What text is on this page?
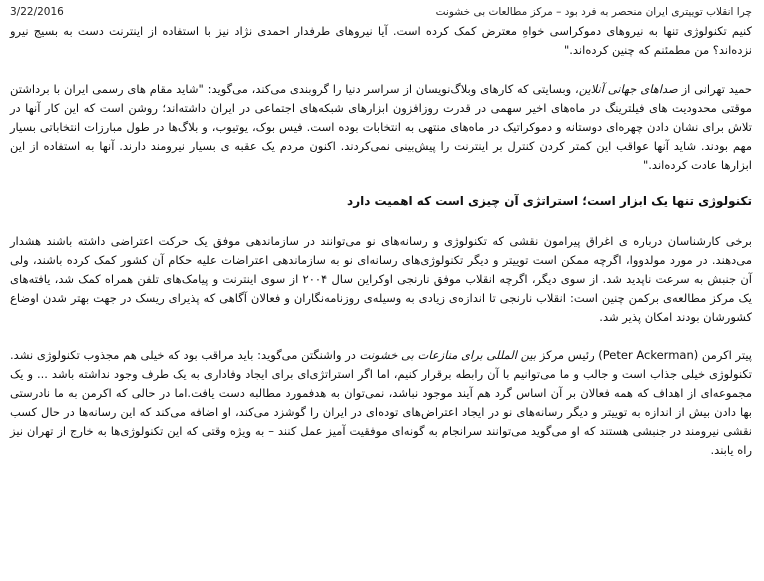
3/22/2016	چرا انقلاب توییتری ایران منحصر به فرد بود – مرکز مطالعات بی خشونت

کنیم تکنولوژی تنها به نیروهای دموکراسی خواهِ معترض کمک کرده است. آیا نیروهای طرفدار احمدی نژاد نیز با استفاده از اینترنت دست به بسیج نیرو نزده‌اند؟ من مطمئنم که چنین کرده‌اند."

حمید تهرانی از صداهای جهانی آنلاین، وبسایتی که کارهای وبلاگ‌نویسان از سراسر دنیا را گروبندی می‌کند، می‌گوید: "شاید مقام های رسمی ایران با برداشتن موقتی محدودیت های فیلترینگ در ماه‌های اخیر سهمی در قدرت روزافزون ابزارهای شبکه‌های اجتماعی در ایران داشته‌اند؛ روشن است که این کار آنها در تلاش برای نشان دادن چهره‌ای دوستانه و دموکراتیک در ماه‌های منتهی به انتخابات بوده است. فیس بوک، یوتیوب، و بلاگ‌ها در طول مبارزات انتخاباتی بسیار مهم بودند. شاید آنها عواقب این کمتر کردن کنترل بر اینترنت را پیش‌بینی نمی‌کردند. اکنون مردم یک عقبه ی بسیار نیرومند دارند. آنها به استفاده از این ابزارها عادت کرده‌اند."

تکنولوژی تنها یک ابزار است؛ استراتژی آن چیزی است که اهمیت دارد

برخی کارشناسان درباره ی اغراق پیرامون نقشی که تکنولوژی و رسانه‌های نو می‌توانند در سازماندهی موفق یک حرکت اعتراضی داشته باشند هشدار می‌دهند. در مورد مولدووا، اگرچه ممکن است توییتر و دیگر تکنولوژی‌های رسانه‌ای نو به سازماندهی اعتراضات علیه حکام آن کشور کمک کرده باشند، ولی آن جنبش به سرعت ناپدید شد. از سوی دیگر، اگرچه انقلاب موفق نارنجی اوکراین سال ۲۰۰۴ از سوی اینترنت و پیامک‌های تلفن همراه کمک شد، یافته‌های یک مرکز مطالعه‌ی برکمن چنین است: انقلاب نارنجی تا اندازه‌ی زیادی به وسیله‌ی روزنامه‌نگاران و فعالان آگاهی که پذیرای ریسک در جهت بهتر شدن اوضاع کشورشان بودند امکان پذیر شد.

پیتر اکرمن (Peter Ackerman) رئیس مرکز بین المللی برای منازعات بی خشونت در واشنگتن می‌گوید: باید مراقب بود که خیلی هم مجذوب تکنولوژی نشد. تکنولوژی خیلی جذاب است و جالب و ما می‌توانیم با آن رابطه برقرار کنیم، اما اگر استراتژی‌ای برای ایجاد وفاداری به یک طرف وجود نداشته باشد ... و یک مجموعه‌ای از اهداف که همه فعالان بر آن اساس گرد هم آیند موجود نباشد، نمی‌توان به هدفمورد مطالبه دست یافت.اما در حالی که اکرمن به ما نادرستی بها دادن بیش از اندازه به توییتر و دیگر رسانه‌های نو در ایجاد اعتراض‌های توده‌ای در ایران را گوشزد می‌کند، او اضافه می‌کند که این رسانه‌ها در حال کسب نقشی نیرومند در جنبشی هستند که او می‌گوید می‌توانند سرانجام به گونه‌ای موفقیت آمیز عمل کنند – به ویژه وقتی که این تکنولوژی‌ها به خارج از تهران نیز راه یابند.
